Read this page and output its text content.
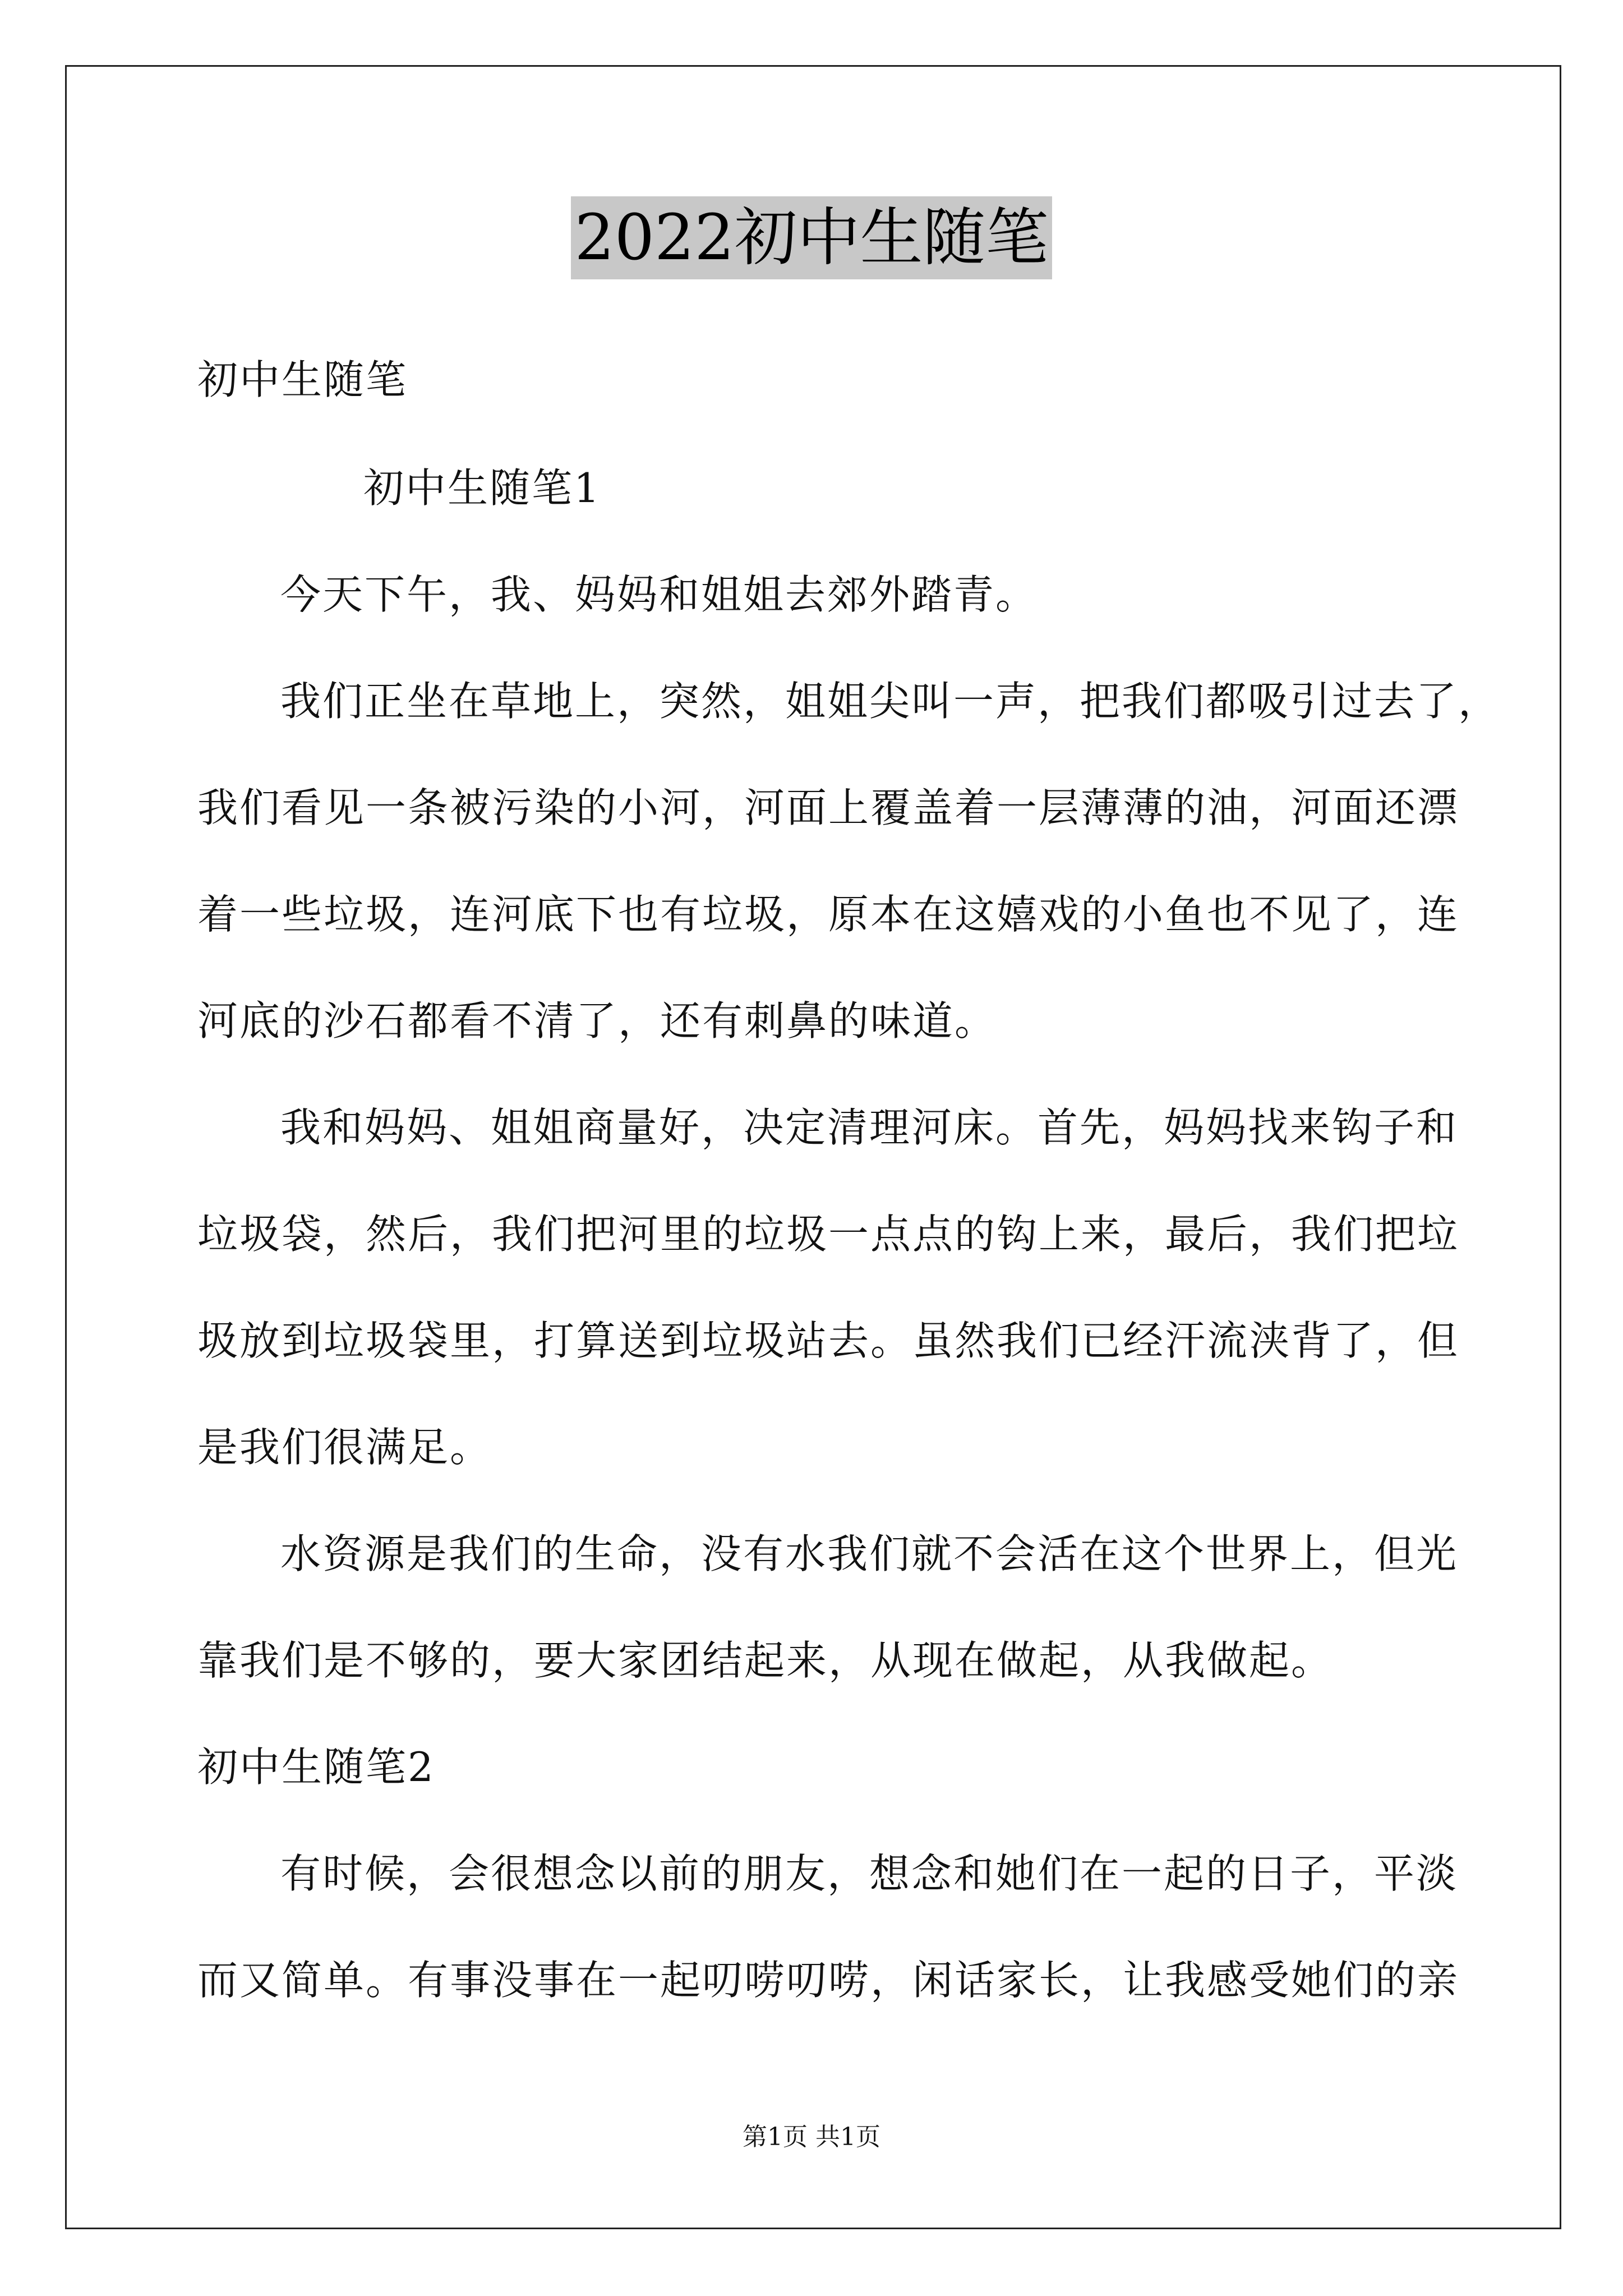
2022初中生随笔
初中生随笔
初中生随笔1
今天下午，我、妈妈和姐姐去郊外踏青。
我们正坐在草地上，突然，姐姐尖叫一声，把我们都吸引过去了，
我们看见一条被污染的小河，河面上覆盖着一层薄薄的油，河面还漂
着一些垃圾，连河底下也有垃圾，原本在这嬉戏的小鱼也不见了，连
河底的沙石都看不清了，还有刺鼻的味道。
我和妈妈、姐姐商量好，决定清理河床。首先，妈妈找来钩子和
垃圾袋，然后，我们把河里的垃圾一点点的钩上来，最后，我们把垃
圾放到垃圾袋里，打算送到垃圾站去。虽然我们已经汗流浃背了，但
是我们很满足。
水资源是我们的生命，没有水我们就不会活在这个世界上，但光
靠我们是不够的，要大家团结起来，从现在做起，从我做起。
初中生随笔2
有时候，会很想念以前的朋友，想念和她们在一起的日子，平淡
而又简单。有事没事在一起叨唠叨唠，闲话家长，让我感受她们的亲
第1页 共1页
